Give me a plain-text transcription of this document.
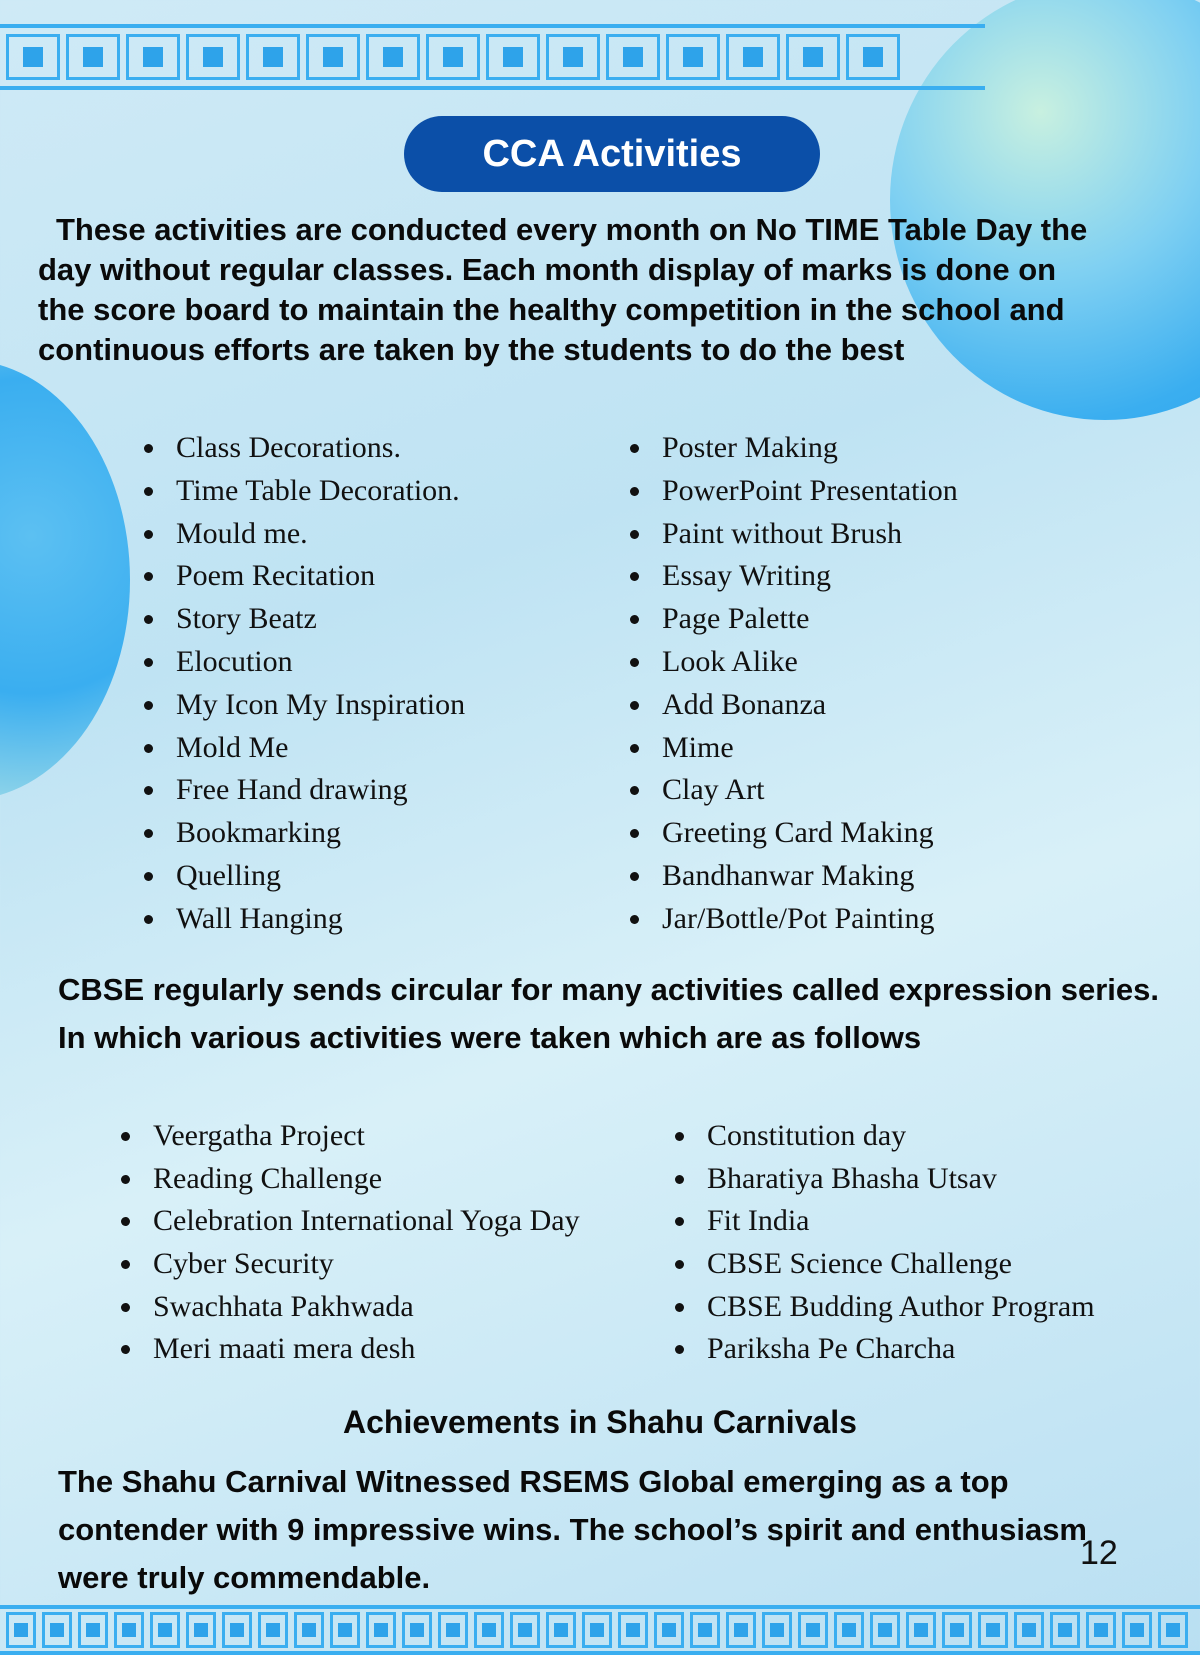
CCA Activities
These activities are conducted every month on No TIME Table Day the day without regular classes. Each month display of marks is done on the score board to maintain the healthy competition in the school and continuous efforts are taken by the students to do the best
Class Decorations.
Time Table Decoration.
Mould me.
Poem Recitation
Story Beatz
Elocution
My Icon My Inspiration
Mold Me
Free Hand drawing
Bookmarking
Quelling
Wall Hanging
Poster Making
PowerPoint Presentation
Paint without Brush
Essay Writing
Page Palette
Look Alike
Add Bonanza
Mime
Clay Art
Greeting Card Making
Bandhanwar Making
Jar/Bottle/Pot Painting
CBSE regularly sends circular for many activities called expression series. In which various activities were taken which are as follows
Veergatha Project
Reading Challenge
Celebration International Yoga Day
Cyber Security
Swachhata Pakhwada
Meri maati mera desh
Constitution day
Bharatiya Bhasha Utsav
Fit India
CBSE Science Challenge
CBSE Budding Author Program
Pariksha Pe Charcha
Achievements in Shahu Carnivals
The Shahu Carnival Witnessed RSEMS Global emerging as a top contender with 9 impressive wins. The school’s spirit and enthusiasm were truly commendable.
12
